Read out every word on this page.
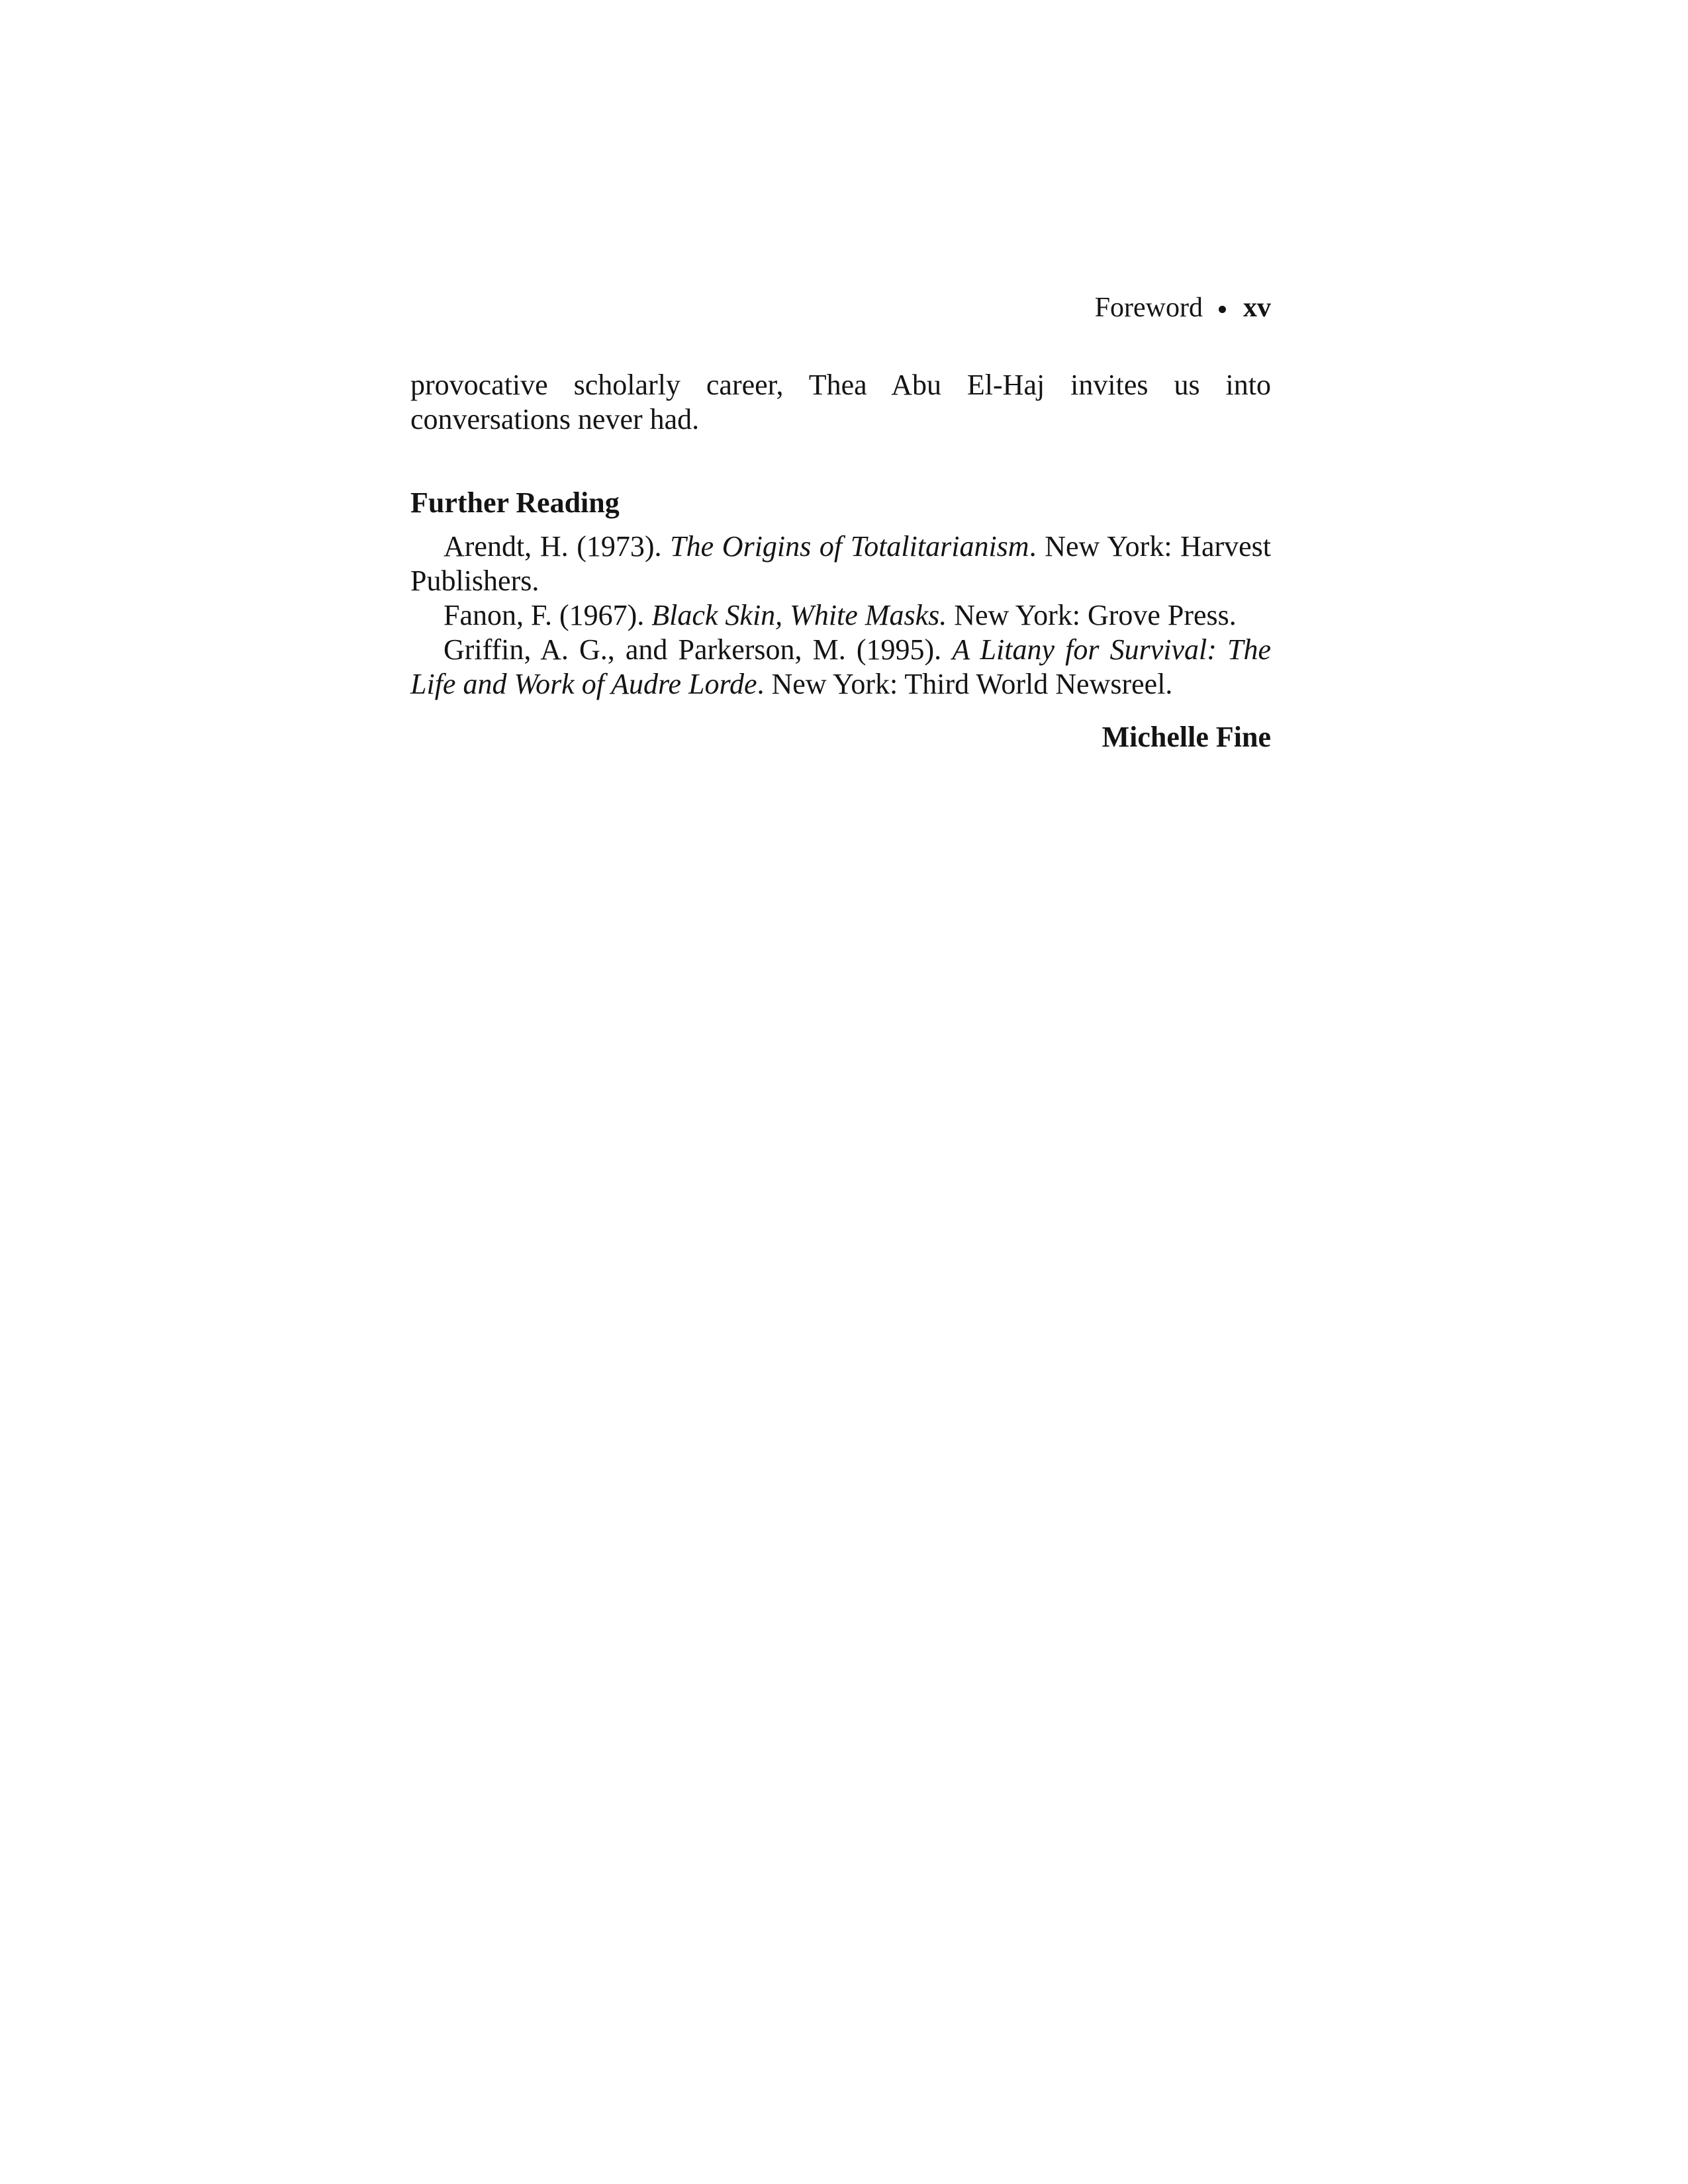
Foreword xv
provocative scholarly career, Thea Abu El-Haj invites us into conversations never had.
Further Reading

Arendt, H. (1973). The Origins of Totalitarianism. New York: Harvest Publishers.

Fanon, F. (1967). Black Skin, White Masks. New York: Grove Press.

Griffin, A. G., and Parkerson, M. (1995). A Litany for Survival: The Life and Work of Audre Lorde. New York: Third World Newsreel.

Michelle Fine
